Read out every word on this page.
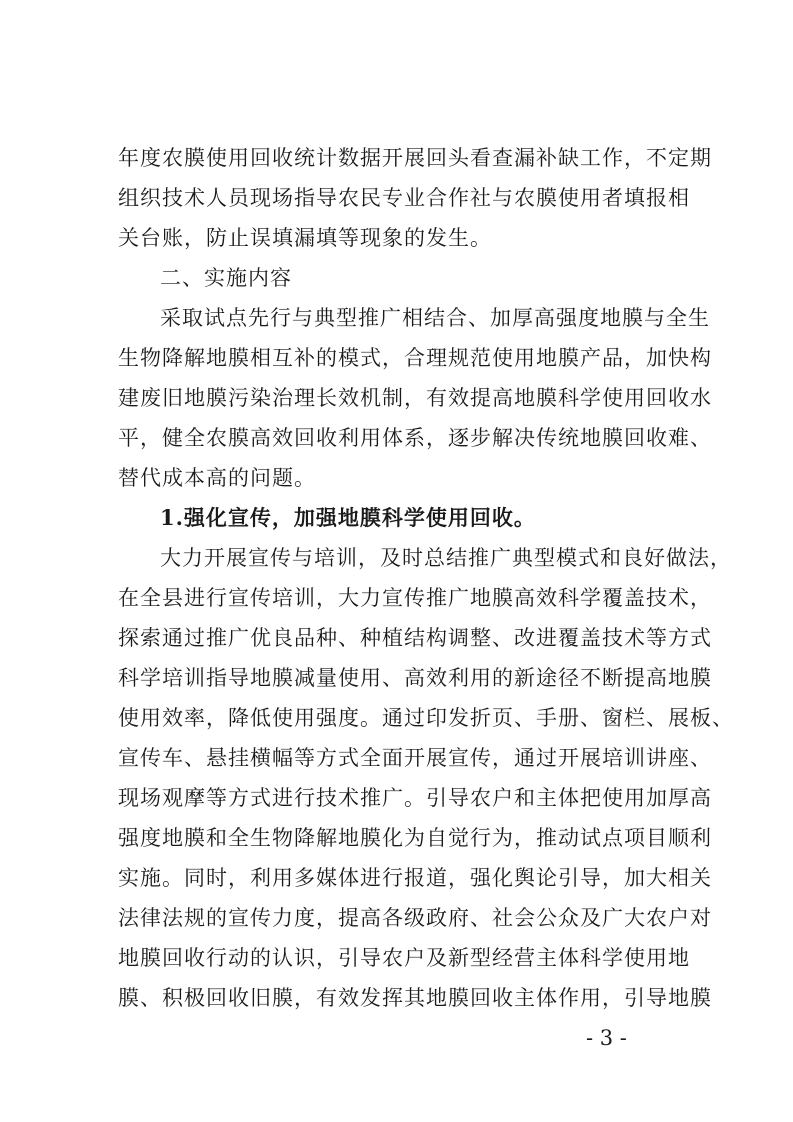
年度农膜使用回收统计数据开展回头看查漏补缺工作，不定期
组织技术人员现场指导农民专业合作社与农膜使用者填报相
关台账，防止误填漏填等现象的发生。
二、实施内容
采取试点先行与典型推广相结合、加厚高强度地膜与全生
生物降解地膜相互补的模式，合理规范使用地膜产品，加快构
建废旧地膜污染治理长效机制，有效提高地膜科学使用回收水
平，健全农膜高效回收利用体系，逐步解决传统地膜回收难、
替代成本高的问题。
1.强化宣传，加强地膜科学使用回收。
大力开展宣传与培训，及时总结推广典型模式和良好做法，
在全县进行宣传培训，大力宣传推广地膜高效科学覆盖技术，
探索通过推广优良品种、种植结构调整、改进覆盖技术等方式
科学培训指导地膜减量使用、高效利用的新途径不断提高地膜
使用效率，降低使用强度。通过印发折页、手册、窗栏、展板、
宣传车、悬挂横幅等方式全面开展宣传，通过开展培训讲座、
现场观摩等方式进行技术推广。引导农户和主体把使用加厚高
强度地膜和全生物降解地膜化为自觉行为，推动试点项目顺利
实施。同时，利用多媒体进行报道，强化舆论引导，加大相关
法律法规的宣传力度，提高各级政府、社会公众及广大农户对
地膜回收行动的认识，引导农户及新型经营主体科学使用地
膜、积极回收旧膜，有效发挥其地膜回收主体作用，引导地膜
- 3 -
